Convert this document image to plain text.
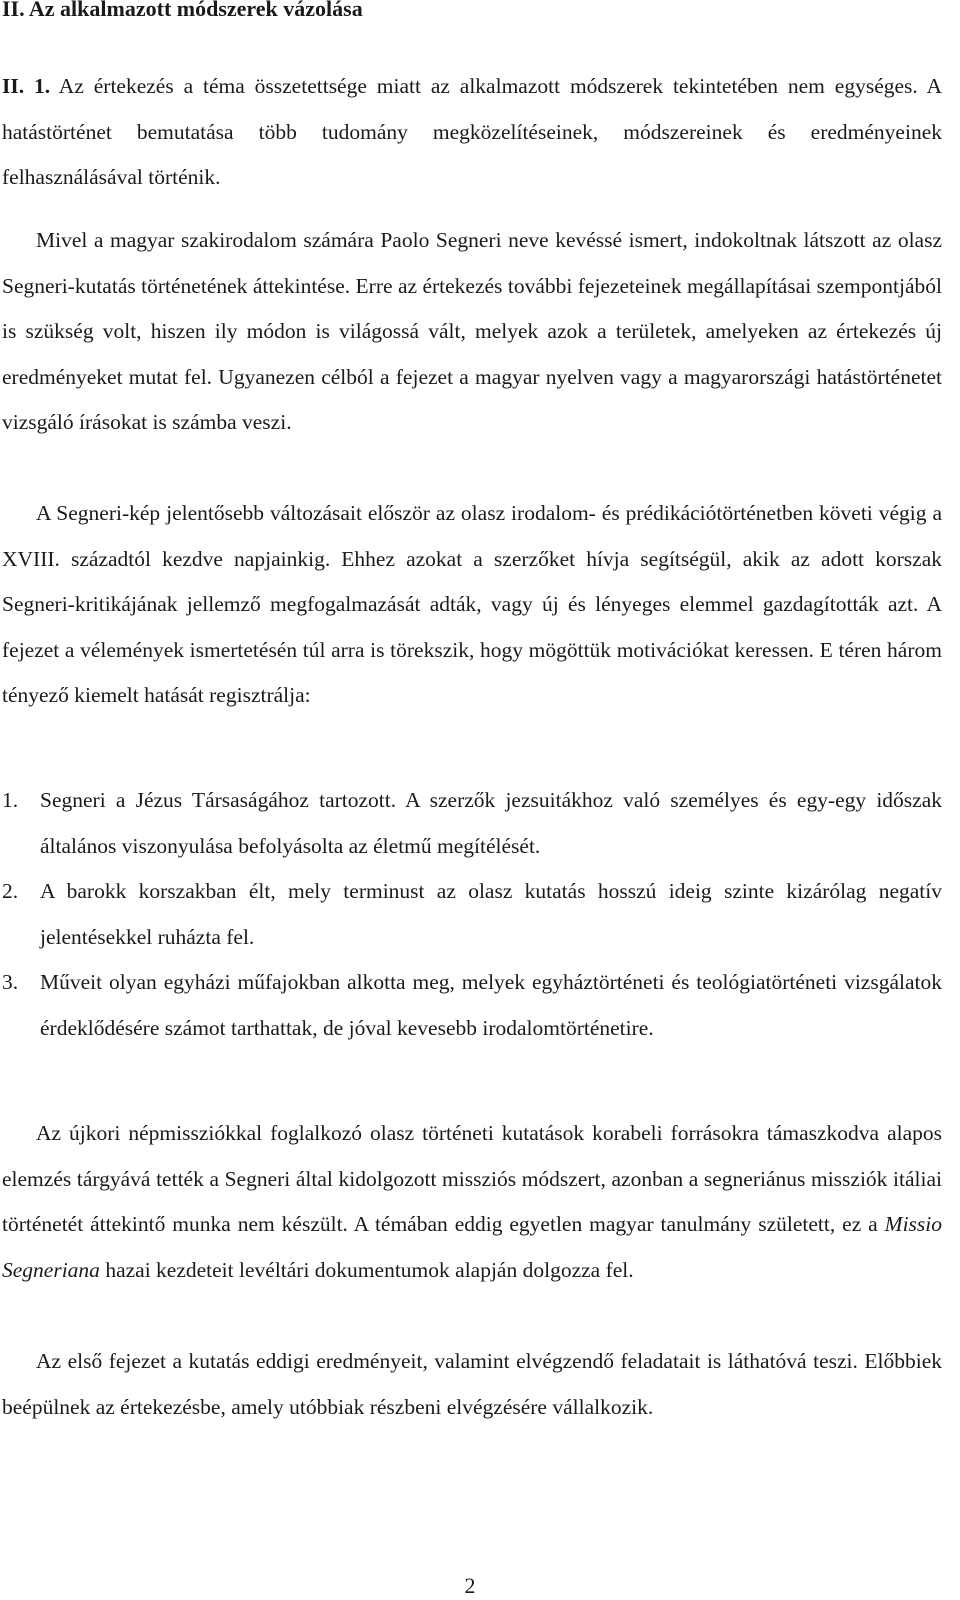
II. Az alkalmazott módszerek vázolása

II. 1. Az értekezés a téma összetettsége miatt az alkalmazott módszerek tekintetében nem egységes. A hatástörténet bemutatása több tudomány megközelítéseinek, módszereinek és eredményeinek felhasználásával történik.

Mivel a magyar szakirodalom számára Paolo Segneri neve kevéssé ismert, indokoltnak látszott az olasz Segneri-kutatás történetének áttekintése. Erre az értekezés további fejezeteinek megállapításai szempontjából is szükség volt, hiszen ily módon is világossá vált, melyek azok a területek, amelyeken az értekezés új eredményeket mutat fel. Ugyanezen célból a fejezet a magyar nyelven vagy a magyarországi hatástörténetet vizsgáló írásokat is számba veszi.

A Segneri-kép jelentősebb változásait először az olasz irodalom- és prédikációtörténetben követi végig a XVIII. századtól kezdve napjainkig. Ehhez azokat a szerzőket hívja segítségül, akik az adott korszak Segneri-kritikájának jellemző megfogalmazását adták, vagy új és lényeges elemmel gazdagították azt. A fejezet a vélemények ismertetésén túl arra is törekszik, hogy mögöttük motivációkat keressen. E téren három tényező kiemelt hatását regisztrálja:

1. Segneri a Jézus Társaságához tartozott. A szerzők jezsuitákhoz való személyes és egy-egy időszak általános viszonyulása befolyásolta az életmű megítélését.
2. A barokk korszakban élt, mely terminust az olasz kutatás hosszú ideig szinte kizárólag negatív jelentésekkel ruházta fel.
3. Műveit olyan egyházi műfajokban alkotta meg, melyek egyháztörténeti és teológiatörténeti vizsgálatok érdeklődésére számot tarthattak, de jóval kevesebb irodalomtörténetire.

Az újkori népmissziókkal foglalkozó olasz történeti kutatások korabeli forrásokra támaszkodva alapos elemzés tárgyává tették a Segneri által kidolgozott missziós módszert, azonban a segneriánus missziók itáliai történetét áttekintő munka nem készült. A témában eddig egyetlen magyar tanulmány született, ez a Missio Segneriana hazai kezdeteit levéltári dokumentumok alapján dolgozza fel.

Az első fejezet a kutatás eddigi eredményeit, valamint elvégzendő feladatait is láthatóvá teszi. Előbbiek beépülnek az értekezésbe, amely utóbbiak részbeni elvégzésére vállalkozik.

2
